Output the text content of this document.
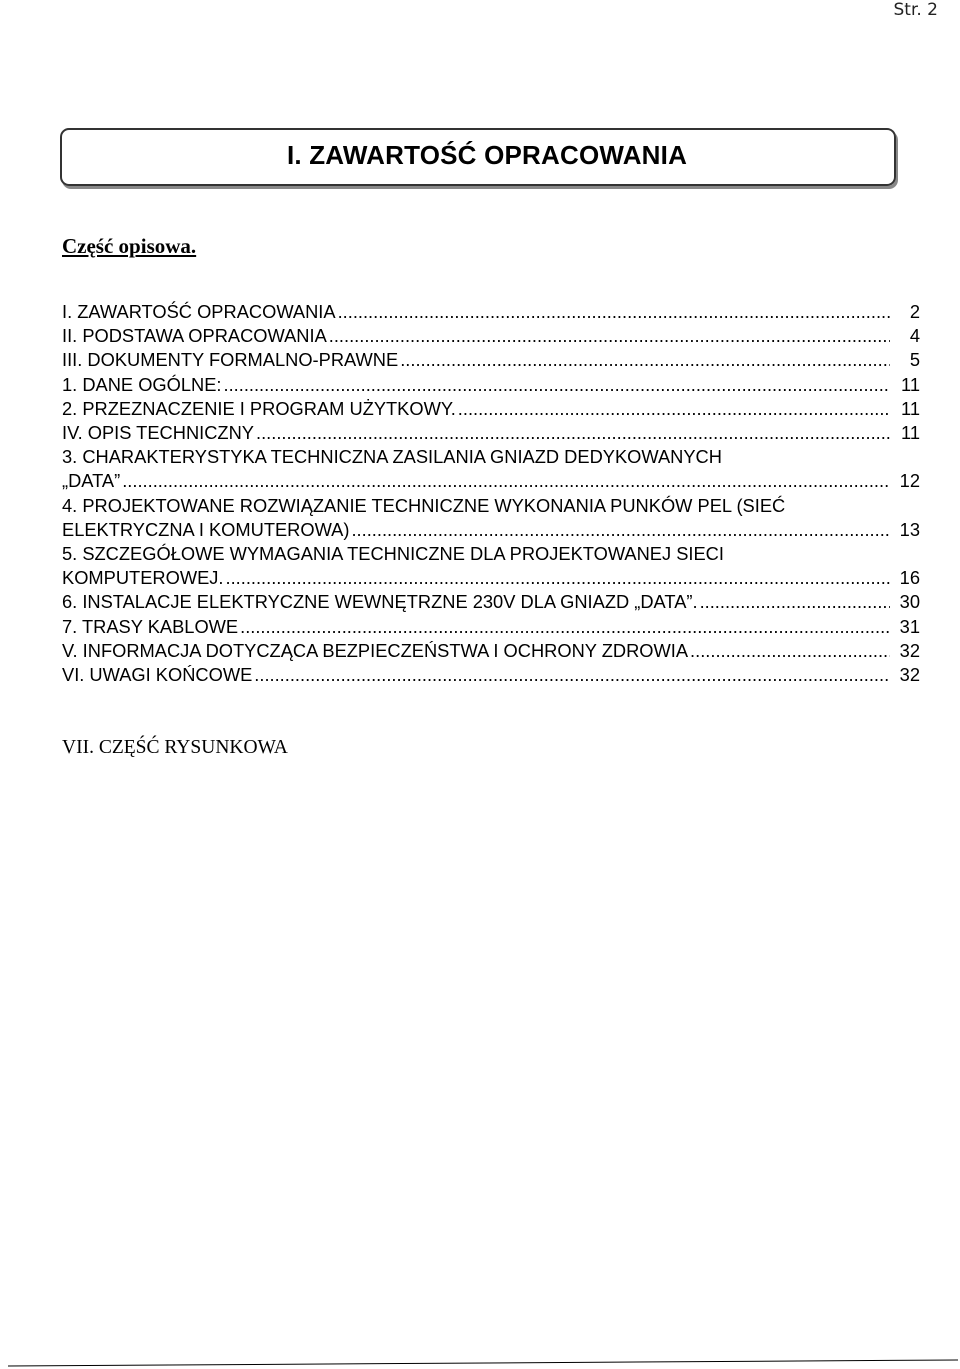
Str. 2
I. ZAWARTOŚĆ OPRACOWANIA
Część opisowa.
I. ZAWARTOŚĆ OPRACOWANIA .....	2
II. PODSTAWA OPRACOWANIA .....	4
III. DOKUMENTY FORMALNO-PRAWNE .....	5
1. DANE OGÓLNE: .....	11
2. PRZEZNACZENIE I PROGRAM UŻYTKOWY. .....	11
IV. OPIS TECHNICZNY .....	11
3. CHARAKTERYSTYKA TECHNICZNA ZASILANIA GNIAZD DEDYKOWANYCH
„DATA” .....	12
4. PROJEKTOWANE ROZWIĄZANIE TECHNICZNE WYKONANIA PUNKÓW PEL (SIEĆ
ELEKTRYCZNA I KOMUTEROWA) .....	13
5. SZCZEGÓŁOWE WYMAGANIA TECHNICZNE DLA PROJEKTOWANEJ SIECI
KOMPUTEROWEJ. .....	16
6. INSTALACJE ELEKTRYCZNE WEWNĘTRZNE 230V DLA GNIAZD „DATA”. .....	30
7. TRASY KABLOWE .....	31
V. INFORMACJA DOTYCZĄCA BEZPIECZEŃSTWA I OCHRONY ZDROWIA .....	32
VI. UWAGI KOŃCOWE .....	32
VII. CZĘŚĆ RYSUNKOWA
